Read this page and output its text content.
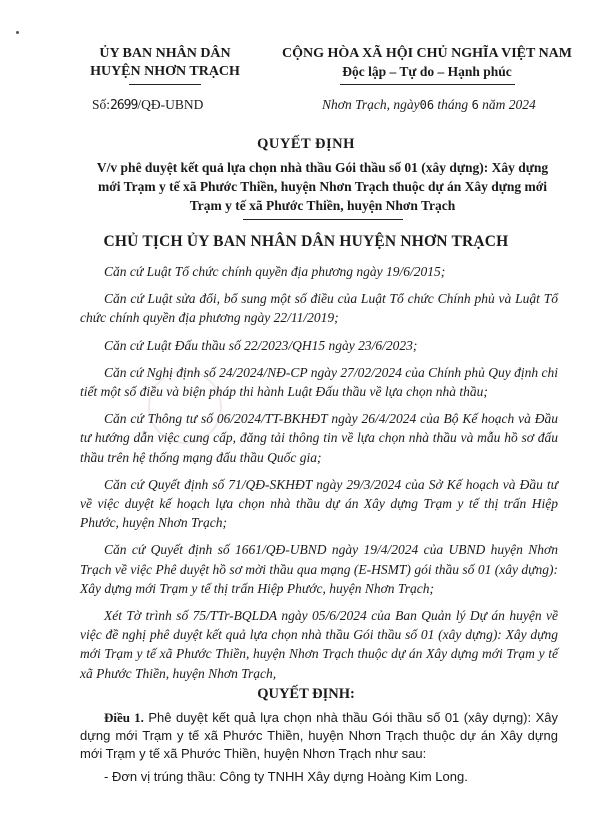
ỦY BAN NHÂN DÂN
HUYỆN NHƠN TRẠCH
CỘNG HÒA XÃ HỘI CHỦ NGHĨA VIỆT NAM
Độc lập – Tự do – Hạnh phúc
Số:2699/QĐ-UBND	Nhơn Trạch, ngày06 tháng 6 năm 2024
QUYẾT ĐỊNH
V/v phê duyệt kết quả lựa chọn nhà thầu Gói thầu số 01 (xây dựng): Xây dựng mới Trạm y tế xã Phước Thiền, huyện Nhơn Trạch thuộc dự án Xây dựng mới Trạm y tế xã Phước Thiền, huyện Nhơn Trạch
CHỦ TỊCH ỦY BAN NHÂN DÂN HUYỆN NHƠN TRẠCH

Căn cứ Luật Tổ chức chính quyền địa phương ngày 19/6/2015;

Căn cứ Luật sửa đổi, bổ sung một số điều của Luật Tổ chức Chính phủ và Luật Tổ chức chính quyền địa phương ngày 22/11/2019;

Căn cứ Luật Đấu thầu số 22/2023/QH15 ngày 23/6/2023;

Căn cứ Nghị định số 24/2024/NĐ-CP ngày 27/02/2024 của Chính phủ Quy định chi tiết một số điều và biện pháp thi hành Luật Đấu thầu về lựa chọn nhà thầu;

Căn cứ Thông tư số 06/2024/TT-BKHĐT ngày 26/4/2024 của Bộ Kế hoạch và Đầu tư hướng dẫn việc cung cấp, đăng tải thông tin về lựa chọn nhà thầu và mẫu hồ sơ đấu thầu trên hệ thống mạng đấu thầu Quốc gia;

Căn cứ Quyết định số 71/QĐ-SKHĐT ngày 29/3/2024 của Sở Kế hoạch và Đầu tư về việc duyệt kế hoạch lựa chọn nhà thầu dự án Xây dựng Trạm y tế thị trấn Hiệp Phước, huyện Nhơn Trạch;

Căn cứ Quyết định số 1661/QĐ-UBND ngày 19/4/2024 của UBND huyện Nhơn Trạch về việc Phê duyệt hồ sơ mời thầu qua mạng (E-HSMT) gói thầu số 01 (xây dựng): Xây dựng mới Trạm y tế thị trấn Hiệp Phước, huyện Nhơn Trạch;

Xét Tờ trình số 75/TTr-BQLDA ngày 05/6/2024 của Ban Quản lý Dự án huyện về việc đề nghị phê duyệt kết quả lựa chọn nhà thầu Gói thầu số 01 (xây dựng): Xây dựng mới Trạm y tế xã Phước Thiền, huyện Nhơn Trạch thuộc dự án Xây dựng mới Trạm y tế xã Phước Thiền, huyện Nhơn Trạch,

QUYẾT ĐỊNH:

Điều 1. Phê duyệt kết quả lựa chọn nhà thầu Gói thầu số 01 (xây dựng): Xây dựng mới Trạm y tế xã Phước Thiền, huyện Nhơn Trạch thuộc dự án Xây dựng mới Trạm y tế xã Phước Thiền, huyện Nhơn Trạch như sau:

- Đơn vị trúng thầu: Công ty TNHH Xây dựng Hoàng Kim Long.
